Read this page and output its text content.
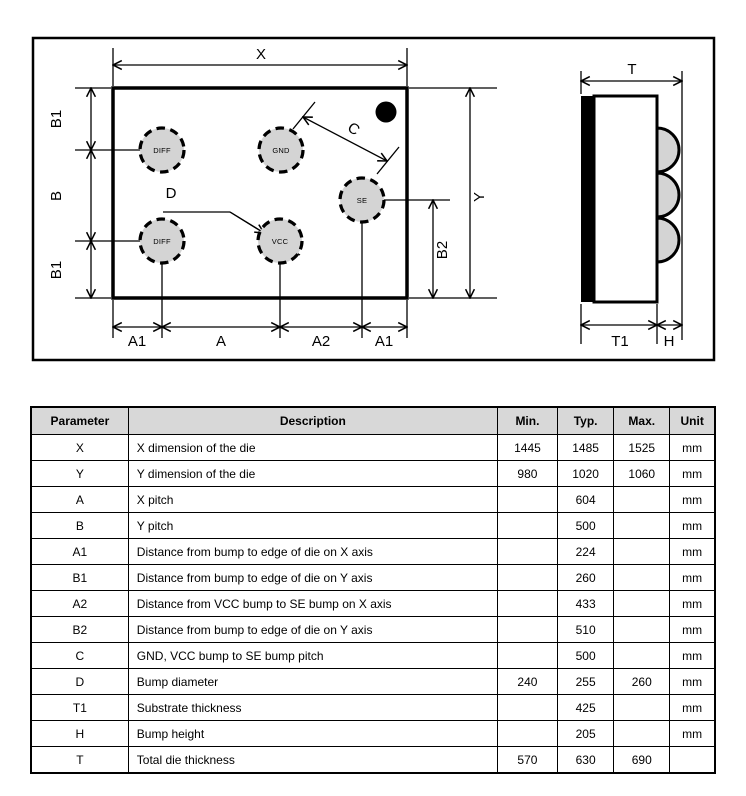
DIFF	GND
SE
DIFF	VCC
X
Y
B1
B
B1
A1	A	A2	A1
B2
C
D
T
T1 H
Parameter	Description	Min.	Typ.	Max.	Unit
X	X dimension of the die	1445	1485	1525	mm
Y	Y dimension of the die	980	1020	1060	mm
A	X pitch		604		mm
B	Y pitch		500		mm
A1	Distance from bump to edge of die on X axis		224		mm
B1	Distance from bump to edge of die on Y axis		260		mm
A2	Distance from VCC bump to SE bump on X axis		433		mm
B2	Distance from bump to edge of die on Y axis		510		mm
C	GND, VCC bump to SE bump pitch		500		mm
D	Bump diameter	240	255	260	mm
T1	Substrate thickness		425		mm
H	Bump height		205		mm
T	Total die thickness	570	630	690	
